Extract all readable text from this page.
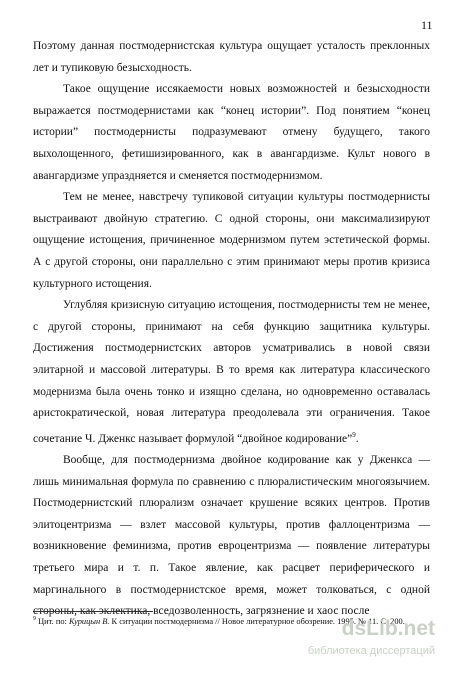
11

Поэтому данная постмодернистская культура ощущает усталость преклонных лет и тупиковую безысходность.

Такое ощущение иссякаемости новых возможностей и безысходности выражается постмодернистами как “конец истории”. Под понятием “конец истории” постмодернисты подразумевают отмену будущего, такого выхолощенного, фетишизированного, как в авангардизме. Культ нового в авангардизме упраздняется и сменяется постмодернизмом.

Тем не менее, навстречу тупиковой ситуации культуры постмодернисты выстраивают двойную стратегию. С одной стороны, они максимализируют ощущение истощения, причиненное модернизмом путем эстетической формы. А с другой стороны, они параллельно с этим принимают меры против кризиса культурного истощения.

Углубляя кризисную ситуацию истощения, постмодернисты тем не менее, с другой стороны, принимают на себя функцию защитника культуры. Достижения постмодернистских авторов усматривались в новой связи элитарной и массовой литературы. В то время как литература классического модернизма была очень тонко и изящно сделана, но одновременно оставалась аристократической, новая литература преодолевала эти ограничения. Такое сочетание Ч. Дженкс называет формулой “двойное кодирование”$^9$.

Вообще, для постмодернизма двойное кодирование как у Дженкса — лишь минимальная формула по сравнению с плюралистическим многоязычием. Постмодернистский плюрализм означает крушение всяких центров. Против элитоцентризма — взлет массовой культуры, против фаллоцентризма — возникновение феминизма, против евроцентризма — появление литературы третьего мира и т. п. Такое явление, как расцвет периферического и маргинального в постмодернистское время, может толковаться, с одной стороны, как эклектика, вседозволенность, загрязнение и хаос после

$^9$ Цит. по: Курицын В. К ситуации постмодернизма // Новое литературное обозрение. 1995. № 11. С. 200.
dsLib.net
библиотека диссертаций
